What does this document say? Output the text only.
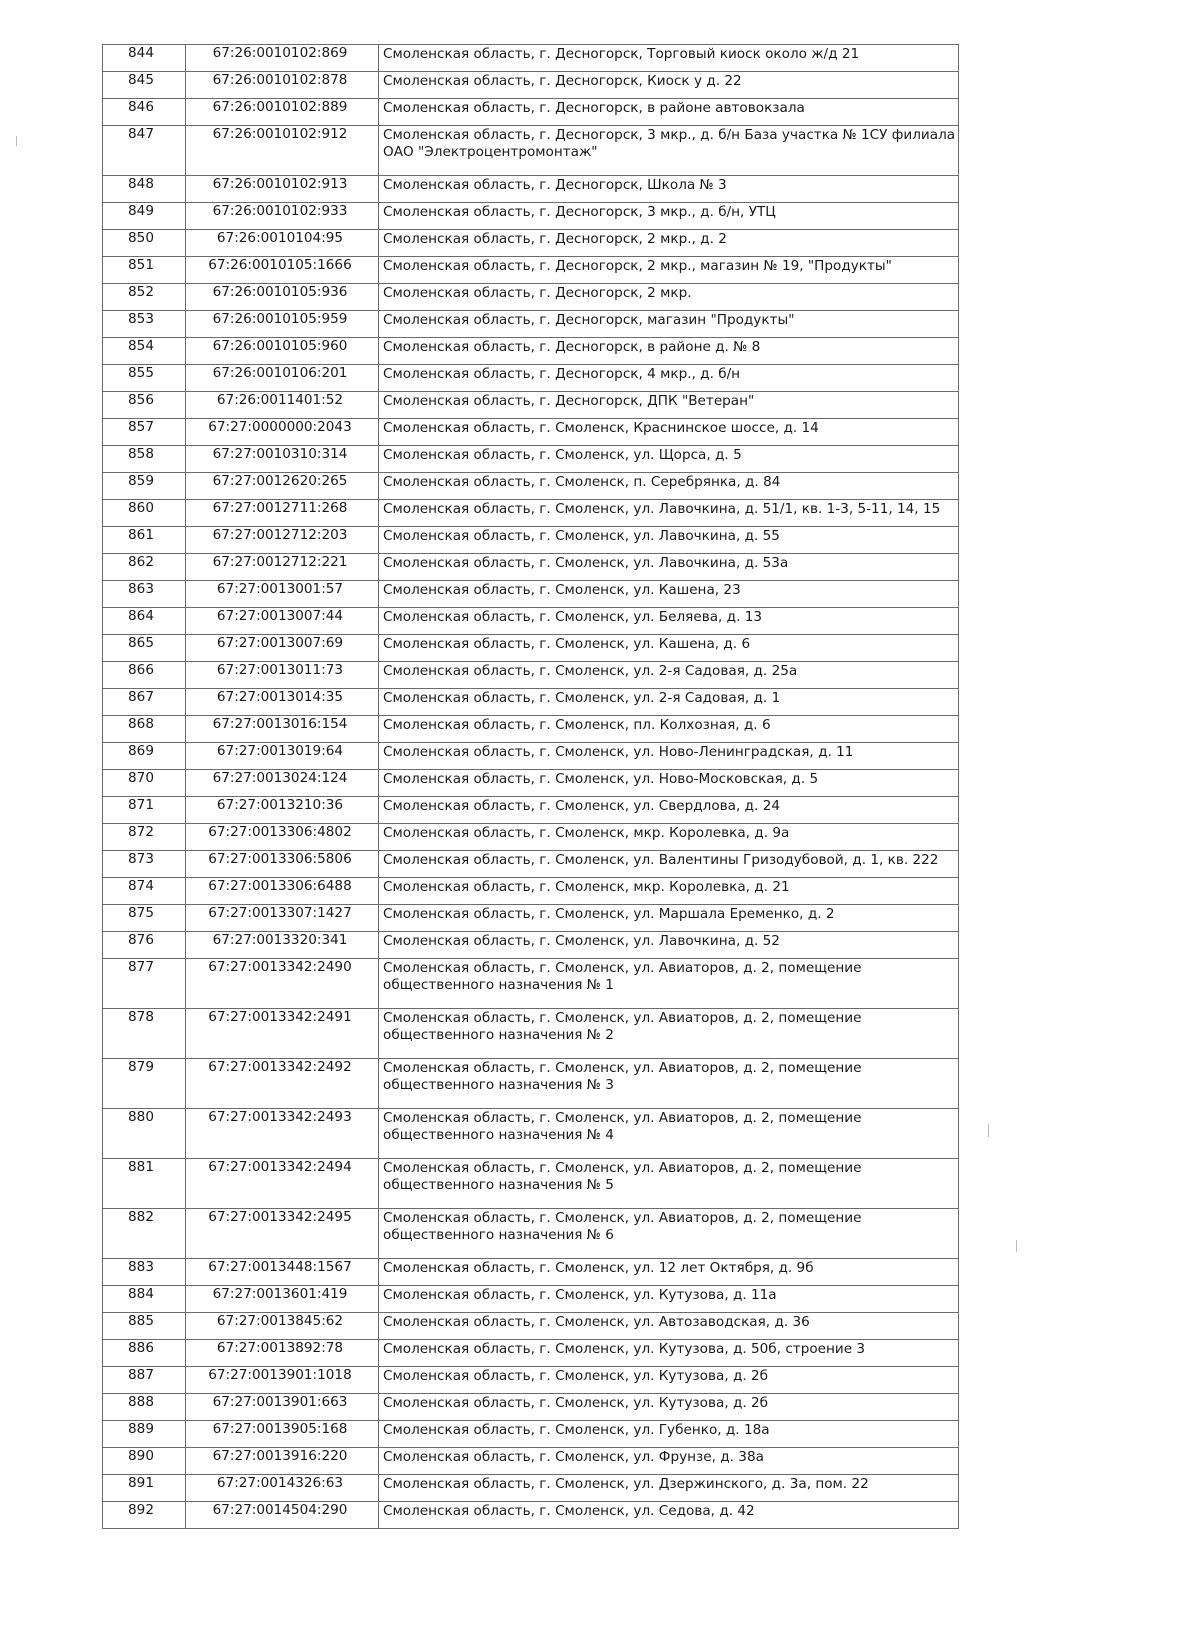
844	67:26:0010102:869	Смоленская область, г. Десногорск, Торговый киоск около ж/д 21
845	67:26:0010102:878	Смоленская область, г. Десногорск, Киоск у д. 22
846	67:26:0010102:889	Смоленская область, г. Десногорск, в районе автовокзала
847	67:26:0010102:912	Смоленская область, г. Десногорск, 3 мкр., д. б/н База участка № 1СУ филиала ОАО "Электроцентромонтаж"
848	67:26:0010102:913	Смоленская область, г. Десногорск, Школа № 3
849	67:26:0010102:933	Смоленская область, г. Десногорск, 3 мкр., д. б/н, УТЦ
850	67:26:0010104:95	Смоленская область, г. Десногорск, 2 мкр., д. 2
851	67:26:0010105:1666	Смоленская область, г. Десногорск, 2 мкр., магазин № 19, "Продукты"
852	67:26:0010105:936	Смоленская область, г. Десногорск, 2 мкр.
853	67:26:0010105:959	Смоленская область, г. Десногорск, магазин "Продукты"
854	67:26:0010105:960	Смоленская область, г. Десногорск, в районе д. № 8
855	67:26:0010106:201	Смоленская область, г. Десногорск, 4 мкр., д. б/н
856	67:26:0011401:52	Смоленская область, г. Десногорск, ДПК "Ветеран"
857	67:27:0000000:2043	Смоленская область, г. Смоленск, Краснинское шоссе, д. 14
858	67:27:0010310:314	Смоленская область, г. Смоленск, ул. Щорса, д. 5
859	67:27:0012620:265	Смоленская область, г. Смоленск, п. Серебрянка, д. 84
860	67:27:0012711:268	Смоленская область, г. Смоленск, ул. Лавочкина, д. 51/1, кв. 1-3, 5-11, 14, 15
861	67:27:0012712:203	Смоленская область, г. Смоленск, ул. Лавочкина, д. 55
862	67:27:0012712:221	Смоленская область, г. Смоленск, ул. Лавочкина, д. 53а
863	67:27:0013001:57	Смоленская область, г. Смоленск, ул. Кашена, 23
864	67:27:0013007:44	Смоленская область, г. Смоленск, ул. Беляева, д. 13
865	67:27:0013007:69	Смоленская область, г. Смоленск, ул. Кашена, д. 6
866	67:27:0013011:73	Смоленская область, г. Смоленск, ул. 2-я Садовая, д. 25а
867	67:27:0013014:35	Смоленская область, г. Смоленск, ул. 2-я Садовая, д. 1
868	67:27:0013016:154	Смоленская область, г. Смоленск, пл. Колхозная, д. 6
869	67:27:0013019:64	Смоленская область, г. Смоленск, ул. Ново-Ленинградская, д. 11
870	67:27:0013024:124	Смоленская область, г. Смоленск, ул. Ново-Московская, д. 5
871	67:27:0013210:36	Смоленская область, г. Смоленск, ул. Свердлова, д. 24
872	67:27:0013306:4802	Смоленская область, г. Смоленск, мкр. Королевка, д. 9а
873	67:27:0013306:5806	Смоленская область, г. Смоленск, ул. Валентины Гризодубовой, д. 1, кв. 222
874	67:27:0013306:6488	Смоленская область, г. Смоленск, мкр. Королевка, д. 21
875	67:27:0013307:1427	Смоленская область, г. Смоленск, ул. Маршала Еременко, д. 2
876	67:27:0013320:341	Смоленская область, г. Смоленск, ул. Лавочкина, д. 52
877	67:27:0013342:2490	Смоленская область, г. Смоленск, ул. Авиаторов, д. 2, помещение общественного назначения № 1
878	67:27:0013342:2491	Смоленская область, г. Смоленск, ул. Авиаторов, д. 2, помещение общественного назначения № 2
879	67:27:0013342:2492	Смоленская область, г. Смоленск, ул. Авиаторов, д. 2, помещение общественного назначения № 3
880	67:27:0013342:2493	Смоленская область, г. Смоленск, ул. Авиаторов, д. 2, помещение общественного назначения № 4
881	67:27:0013342:2494	Смоленская область, г. Смоленск, ул. Авиаторов, д. 2, помещение общественного назначения № 5
882	67:27:0013342:2495	Смоленская область, г. Смоленск, ул. Авиаторов, д. 2, помещение общественного назначения № 6
883	67:27:0013448:1567	Смоленская область, г. Смоленск, ул. 12 лет Октября, д. 9б
884	67:27:0013601:419	Смоленская область, г. Смоленск, ул. Кутузова, д. 11а
885	67:27:0013845:62	Смоленская область, г. Смоленск, ул. Автозаводская, д. 36
886	67:27:0013892:78	Смоленская область, г. Смоленск, ул. Кутузова, д. 50б, строение 3
887	67:27:0013901:1018	Смоленская область, г. Смоленск, ул. Кутузова, д. 2б
888	67:27:0013901:663	Смоленская область, г. Смоленск, ул. Кутузова, д. 2б
889	67:27:0013905:168	Смоленская область, г. Смоленск, ул. Губенко, д. 18а
890	67:27:0013916:220	Смоленская область, г. Смоленск, ул. Фрунзе, д. 38а
891	67:27:0014326:63	Смоленская область, г. Смоленск, ул. Дзержинского, д. 3а, пом. 22
892	67:27:0014504:290	Смоленская область, г. Смоленск, ул. Седова, д. 42
